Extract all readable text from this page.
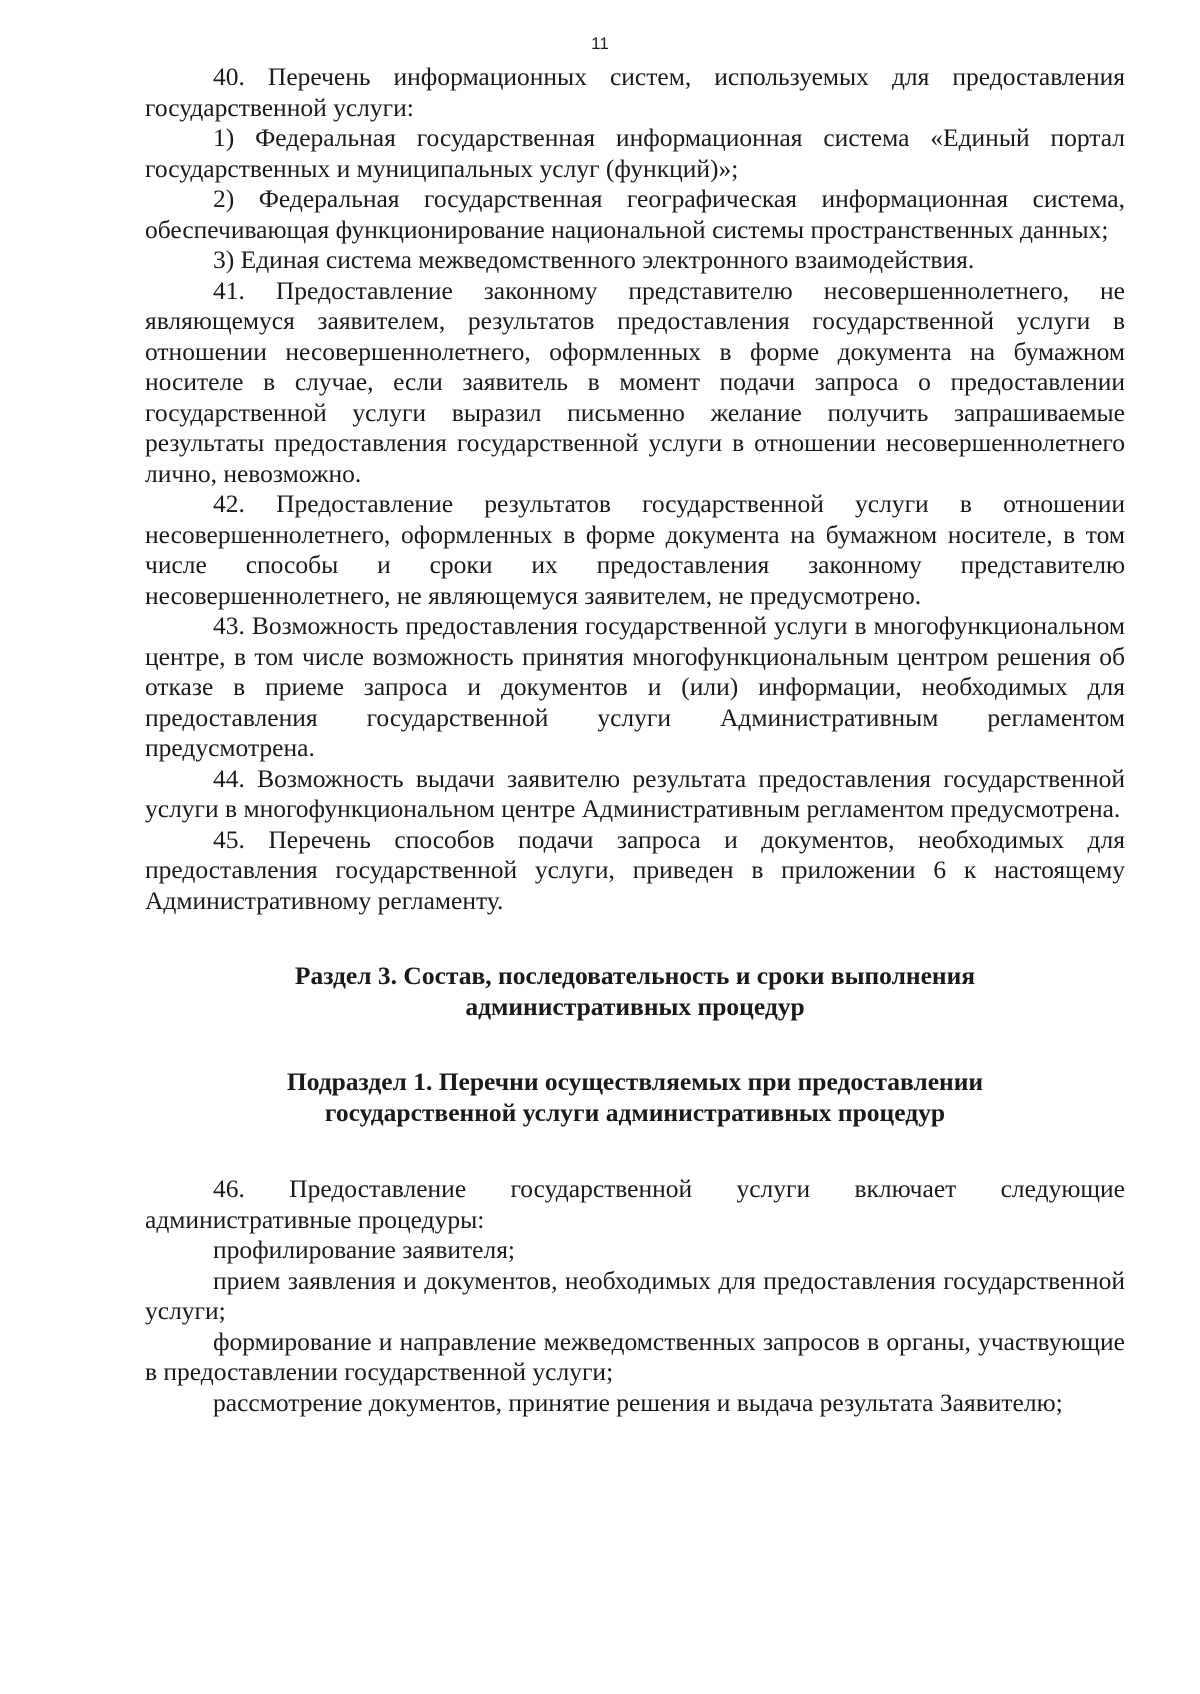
11

40. Перечень информационных систем, используемых для предоставления государственной услуги:

1) Федеральная государственная информационная система «Единый портал государственных и муниципальных услуг (функций)»;

2) Федеральная государственная географическая информационная система, обеспечивающая функционирование национальной системы пространственных данных;

3) Единая система межведомственного электронного взаимодействия.

41. Предоставление законному представителю несовершеннолетнего, не являющемуся заявителем, результатов предоставления государственной услуги в отношении несовершеннолетнего, оформленных в форме документа на бумажном носителе в случае, если заявитель в момент подачи запроса о предоставлении государственной услуги выразил письменно желание получить запрашиваемые результаты предоставления государственной услуги в отношении несовершеннолетнего лично, невозможно.

42. Предоставление результатов государственной услуги в отношении несовершеннолетнего, оформленных в форме документа на бумажном носителе, в том числе способы и сроки их предоставления законному представителю несовершеннолетнего, не являющемуся заявителем, не предусмотрено.

43. Возможность предоставления государственной услуги в многофункциональном центре, в том числе возможность принятия многофункциональным центром решения об отказе в приеме запроса и документов и (или) информации, необходимых для предоставления государственной услуги Административным регламентом предусмотрена.

44. Возможность выдачи заявителю результата предоставления государственной услуги в многофункциональном центре Административным регламентом предусмотрена.

45. Перечень способов подачи запроса и документов, необходимых для предоставления государственной услуги, приведен в приложении 6 к настоящему Административному регламенту.

Раздел 3. Состав, последовательность и сроки выполнения
административных процедур
Подраздел 1. Перечни осуществляемых при предоставлении
государственной услуги административных процедур

46. Предоставление государственной услуги включает следующие административные процедуры:

профилирование заявителя;

прием заявления и документов, необходимых для предоставления государственной услуги;

формирование и направление межведомственных запросов в органы, участвующие в предоставлении государственной услуги;

рассмотрение документов, принятие решения и выдача результата Заявителю;
